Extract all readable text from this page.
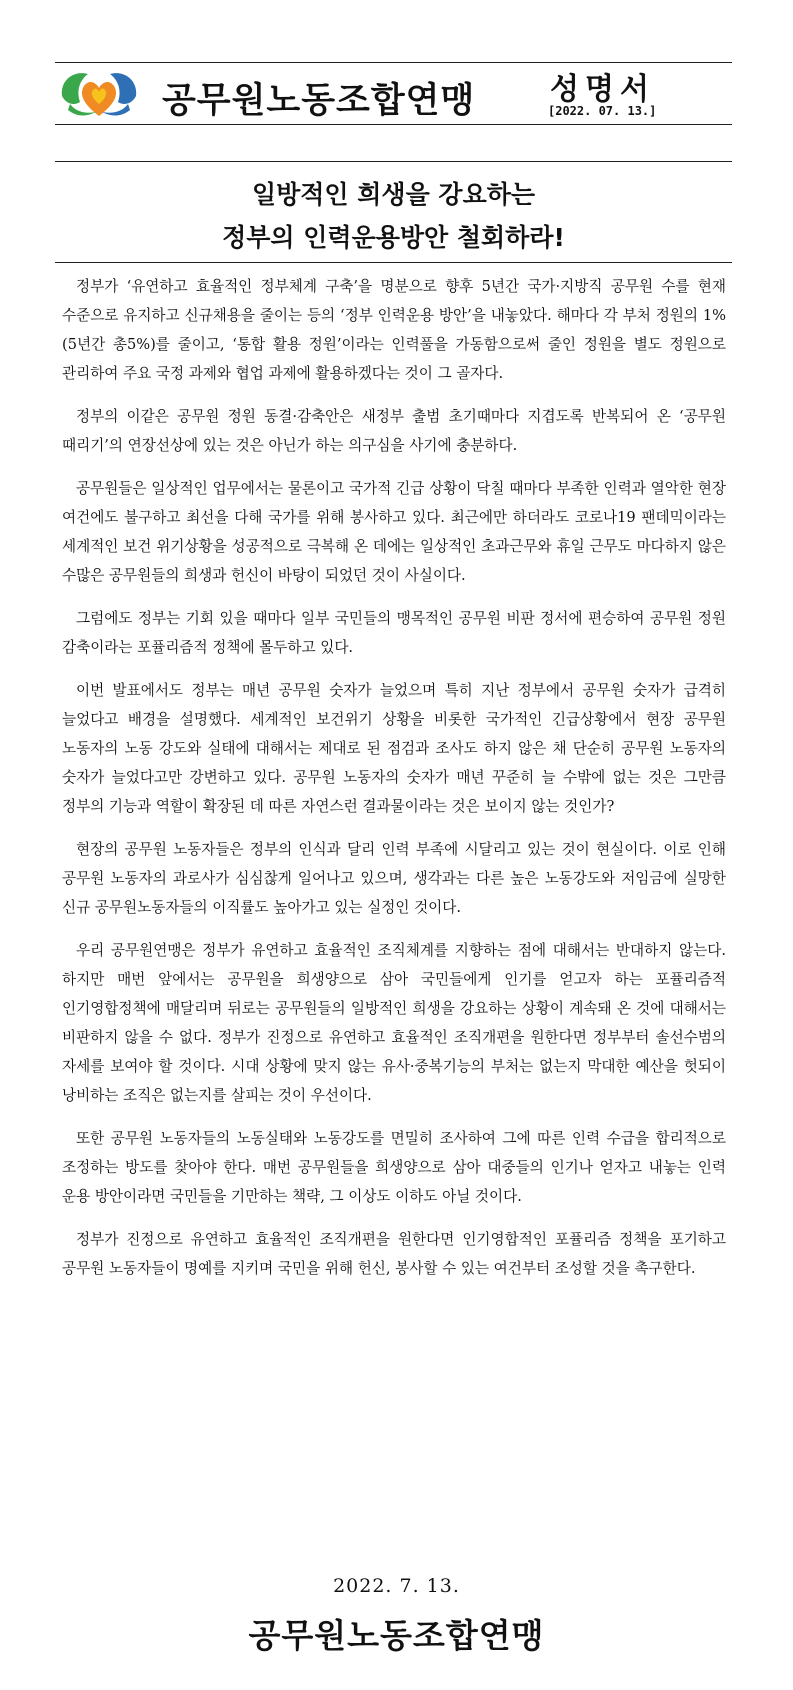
공무원노동조합연맹 성명서
[2022. 07. 13.]
일방적인 희생을 강요하는
정부의 인력운용방안 철회하라!

정부가 ‘유연하고 효율적인 정부체계 구축’을 명분으로 향후 5년간 국가·지방직 공무원 수를 현재 수준으로 유지하고 신규채용을 줄이는 등의 ‘정부 인력운용 방안’을 내놓았다. 해마다 각 부처 정원의 1%(5년간 총5%)를 줄이고, ‘통합 활용 정원’이라는 인력풀을 가동함으로써 줄인 정원을 별도 정원으로 관리하여 주요 국정 과제와 협업 과제에 활용하겠다는 것이 그 골자다.

정부의 이같은 공무원 정원 동결·감축안은 새정부 출범 초기때마다 지겹도록 반복되어 온 ‘공무원 때리기’의 연장선상에 있는 것은 아닌가 하는 의구심을 사기에 충분하다.

공무원들은 일상적인 업무에서는 물론이고 국가적 긴급 상황이 닥칠 때마다 부족한 인력과 열악한 현장 여건에도 불구하고 최선을 다해 국가를 위해 봉사하고 있다. 최근에만 하더라도 코로나19 팬데믹이라는 세계적인 보건 위기상황을 성공적으로 극복해 온 데에는 일상적인 초과근무와 휴일 근무도 마다하지 않은 수많은 공무원들의 희생과 헌신이 바탕이 되었던 것이 사실이다.

그럼에도 정부는 기회 있을 때마다 일부 국민들의 맹목적인 공무원 비판 정서에 편승하여 공무원 정원 감축이라는 포퓰리즘적 정책에 몰두하고 있다.

이번 발표에서도 정부는 매년 공무원 숫자가 늘었으며 특히 지난 정부에서 공무원 숫자가 급격히 늘었다고 배경을 설명했다. 세계적인 보건위기 상황을 비롯한 국가적인 긴급상황에서 현장 공무원 노동자의 노동 강도와 실태에 대해서는 제대로 된 점검과 조사도 하지 않은 채 단순히 공무원 노동자의 숫자가 늘었다고만 강변하고 있다. 공무원 노동자의 숫자가 매년 꾸준히 늘 수밖에 없는 것은 그만큼 정부의 기능과 역할이 확장된 데 따른 자연스런 결과물이라는 것은 보이지 않는 것인가?

현장의 공무원 노동자들은 정부의 인식과 달리 인력 부족에 시달리고 있는 것이 현실이다. 이로 인해 공무원 노동자의 과로사가 심심찮게 일어나고 있으며, 생각과는 다른 높은 노동강도와 저임금에 실망한 신규 공무원노동자들의 이직률도 높아가고 있는 실정인 것이다.

우리 공무원연맹은 정부가 유연하고 효율적인 조직체계를 지향하는 점에 대해서는 반대하지 않는다. 하지만 매번 앞에서는 공무원을 희생양으로 삼아 국민들에게 인기를 얻고자 하는 포퓰리즘적 인기영합정책에 매달리며 뒤로는 공무원들의 일방적인 희생을 강요하는 상황이 계속돼 온 것에 대해서는 비판하지 않을 수 없다. 정부가 진정으로 유연하고 효율적인 조직개편을 원한다면 정부부터 솔선수범의 자세를 보여야 할 것이다. 시대 상황에 맞지 않는 유사·중복기능의 부처는 없는지 막대한 예산을 헛되이 낭비하는 조직은 없는지를 살피는 것이 우선이다.

또한 공무원 노동자들의 노동실태와 노동강도를 면밀히 조사하여 그에 따른 인력 수급을 합리적으로 조정하는 방도를 찾아야 한다. 매번 공무원들을 희생양으로 삼아 대중들의 인기나 얻자고 내놓는 인력 운용 방안이라면 국민들을 기만하는 책략, 그 이상도 이하도 아닐 것이다.

정부가 진정으로 유연하고 효율적인 조직개편을 원한다면 인기영합적인 포퓰리즘 정책을 포기하고 공무원 노동자들이 명예를 지키며 국민을 위해 헌신, 봉사할 수 있는 여건부터 조성할 것을 촉구한다.

2022. 7. 13.
공무원노동조합연맹
